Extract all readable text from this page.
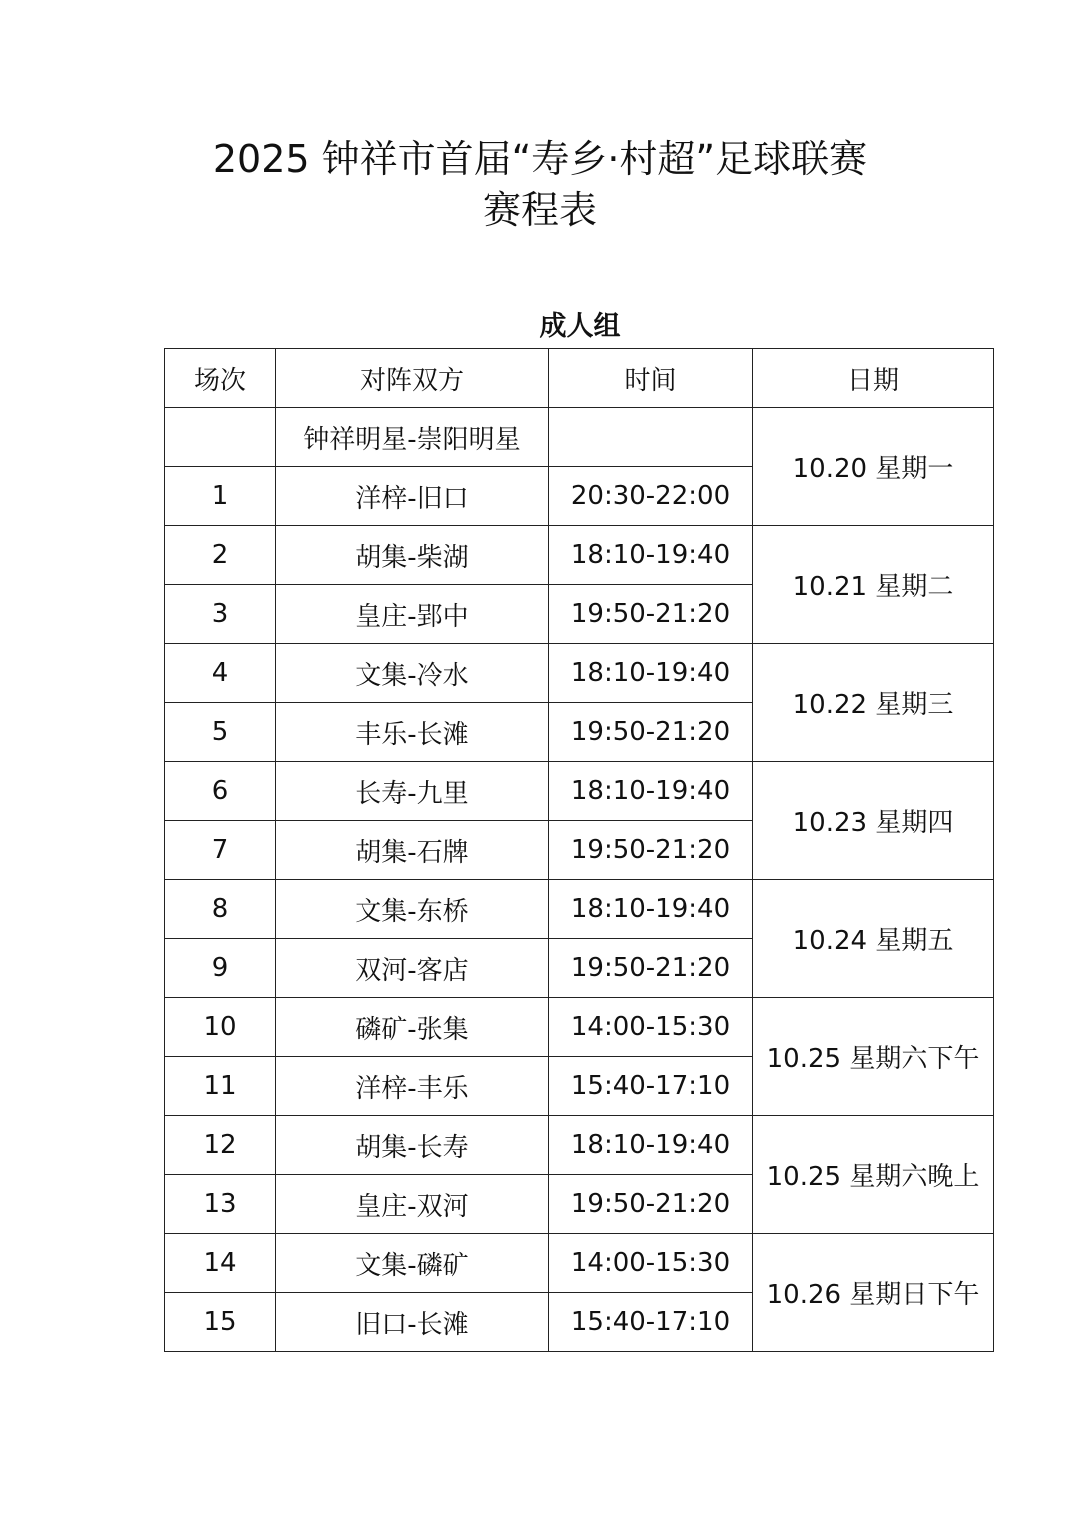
2025 钟祥市首届“寿乡·村超”足球联赛
赛程表
成人组
场次	对阵双方	时间	日期
	钟祥明星-崇阳明星		10.20 星期一
1	洋梓-旧口	20:30-22:00	
2	胡集-柴湖	18:10-19:40	10.21 星期二
3	皇庄-郢中	19:50-21:20	
4	文集-冷水	18:10-19:40	10.22 星期三
5	丰乐-长滩	19:50-21:20	
6	长寿-九里	18:10-19:40	10.23 星期四
7	胡集-石牌	19:50-21:20	
8	文集-东桥	18:10-19:40	10.24 星期五
9	双河-客店	19:50-21:20	
10	磷矿-张集	14:00-15:30	10.25 星期六下午
11	洋梓-丰乐	15:40-17:10	
12	胡集-长寿	18:10-19:40	10.25 星期六晚上
13	皇庄-双河	19:50-21:20	
14	文集-磷矿	14:00-15:30	10.26 星期日下午
15	旧口-长滩	15:40-17:10	
